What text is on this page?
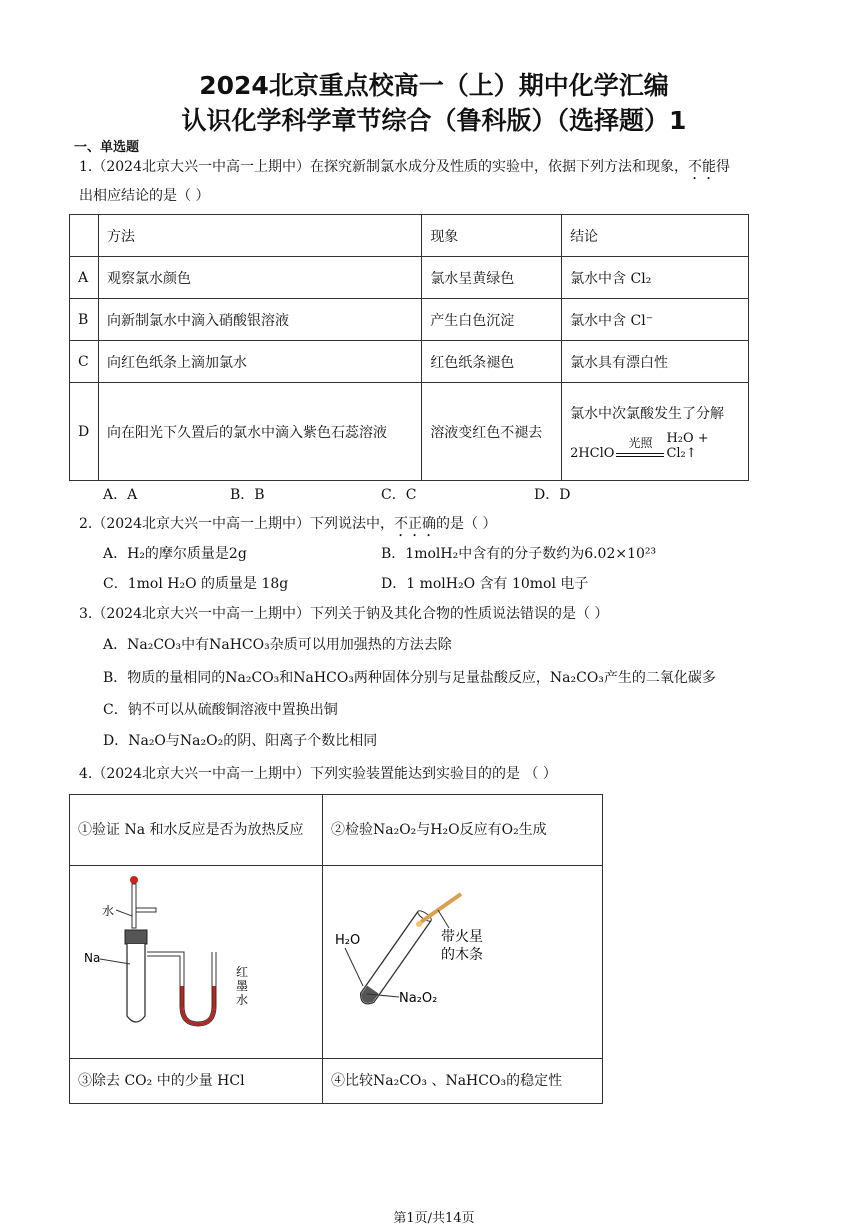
2024北京重点校高一（上）期中化学汇编
认识化学科学章节综合（鲁科版）（选择题）1
一、单选题
1.（2024北京大兴一中高一上期中）在探究新制氯水成分及性质的实验中，依据下列方法和现象，不能得
出相应结论的是（ ）
	方法	现象	结论
A	观察氯水颜色	氯水呈黄绿色	氯水中含 Cl₂
B	向新制氯水中滴入硝酸银溶液	产生白色沉淀	氯水中含 Cl⁻
C	向红色纸条上滴加氯水	红色纸条褪色	氯水具有漂白性
D	向在阳光下久置后的氯水中滴入紫色石蕊溶液	溶液变红色不褪去	氯水中次氯酸发生了分解
2HClO
光照 H₂O + Cl₂↑
A．A	B．B	C．C	D．D
2.（2024北京大兴一中高一上期中）下列说法中，不正确的是（ ）
A．H₂的摩尔质量是2g	B．1molH₂中含有的分子数约为6.02×10²³
C．1mol H₂O 的质量是 18g	D．1 molH₂O 含有 10mol 电子
3.（2024北京大兴一中高一上期中）下列关于钠及其化合物的性质说法错误的是（ ）
A．Na₂CO₃中有NaHCO₃杂质可以用加强热的方法去除
B．物质的量相同的Na₂CO₃和NaHCO₃两种固体分别与足量盐酸反应，Na₂CO₃产生的二氧化碳多
C．钠不可以从硫酸铜溶液中置换出铜
D．Na₂O与Na₂O₂的阴、阳离子个数比相同
4.（2024北京大兴一中高一上期中）下列实验装置能达到实验目的的是 （ ）
①验证 Na 和水反应是否为放热反应	②检验Na₂O₂与H₂O反应有O₂生成

水
Na
红
墨
水	带火星
的木条
H₂O
Na₂O₂

③除去 CO₂ 中的少量 HCl	④比较Na₂CO₃ 、NaHCO₃的稳定性
第1页/共14页
